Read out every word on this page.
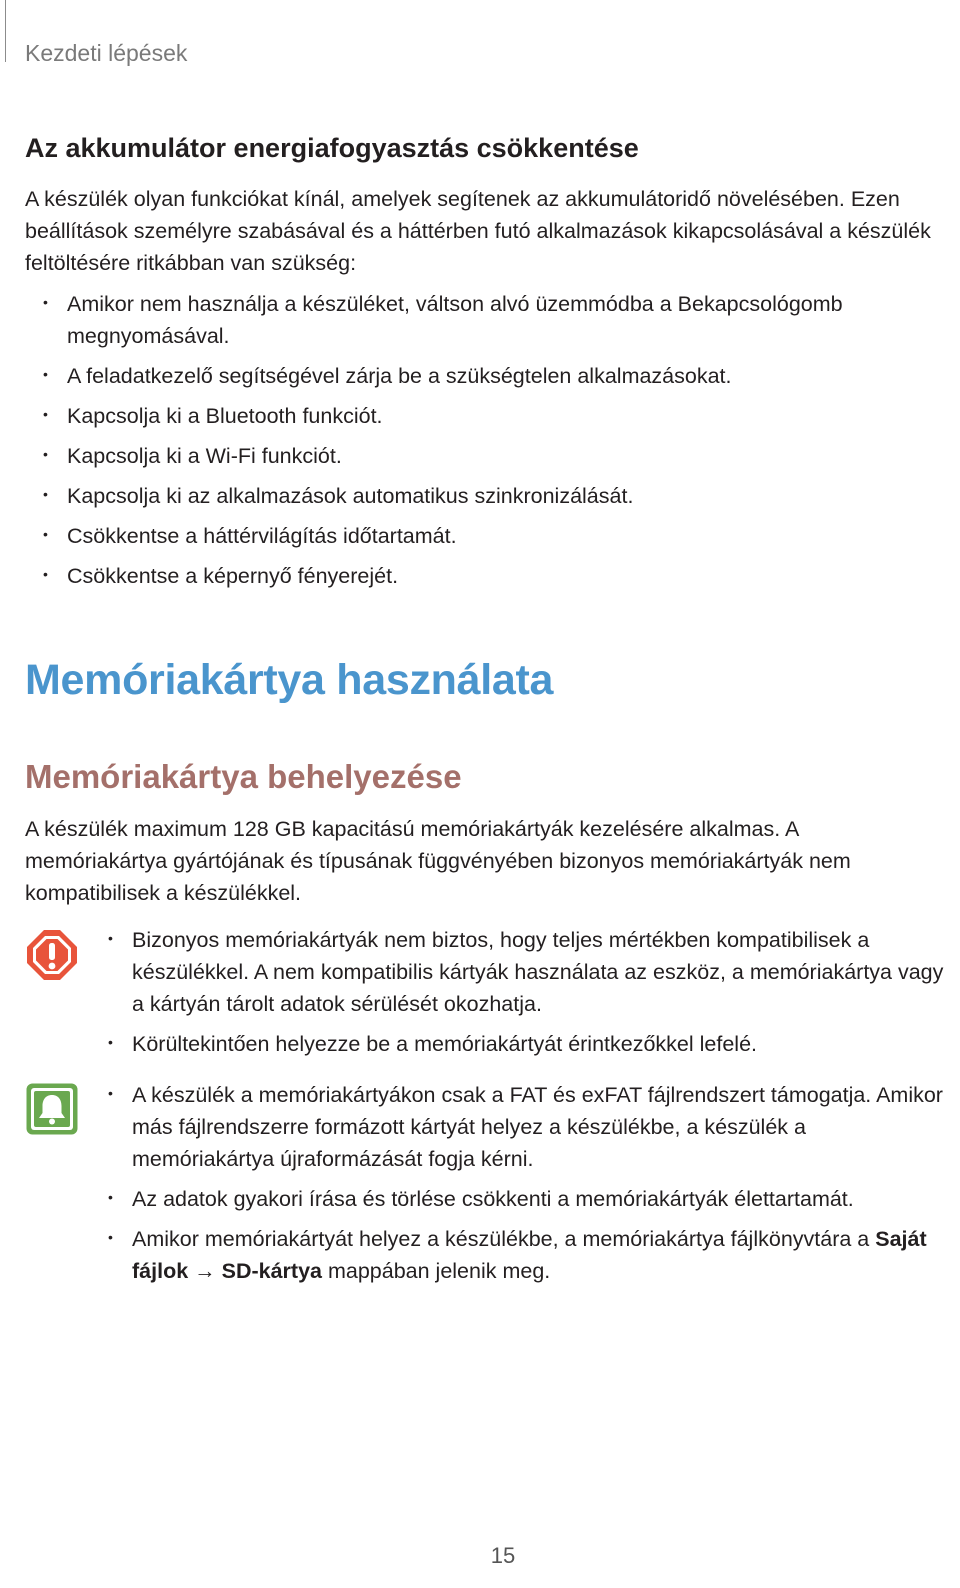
Kezdeti lépések
Az akkumulátor energiafogyasztás csökkentése

A készülék olyan funkciókat kínál, amelyek segítenek az akkumulátoridő növelésében. Ezen beállítások személyre szabásával és a háttérben futó alkalmazások kikapcsolásával a készülék feltöltésére ritkábban van szükség:

• Amikor nem használja a készüléket, váltson alvó üzemmódba a Bekapcsológomb megnyomásával.
• A feladatkezelő segítségével zárja be a szükségtelen alkalmazásokat.
• Kapcsolja ki a Bluetooth funkciót.
• Kapcsolja ki a Wi-Fi funkciót.
• Kapcsolja ki az alkalmazások automatikus szinkronizálását.
• Csökkentse a háttérvilágítás időtartamát.
• Csökkentse a képernyő fényerejét.
Memóriakártya használata
Memóriakártya behelyezése

A készülék maximum 128 GB kapacitású memóriakártyák kezelésére alkalmas. A memóriakártya gyártójának és típusának függvényében bizonyos memóriakártyák nem kompatibilisek a készülékkel.

• Bizonyos memóriakártyák nem biztos, hogy teljes mértékben kompatibilisek a készülékkel. A nem kompatibilis kártyák használata az eszköz, a memóriakártya vagy a kártyán tárolt adatok sérülését okozhatja.
• Körültekintően helyezze be a memóriakártyát érintkezőkkel lefelé.
• A készülék a memóriakártyákon csak a FAT és exFAT fájlrendszert támogatja. Amikor más fájlrendszerre formázott kártyát helyez a készülékbe, a készülék a memóriakártya újraformázását fogja kérni.
• Az adatok gyakori írása és törlése csökkenti a memóriakártyák élettartamát.
• Amikor memóriakártyát helyez a készülékbe, a memóriakártya fájlkönyvtára a Saját fájlok → SD-kártya mappában jelenik meg.
15
